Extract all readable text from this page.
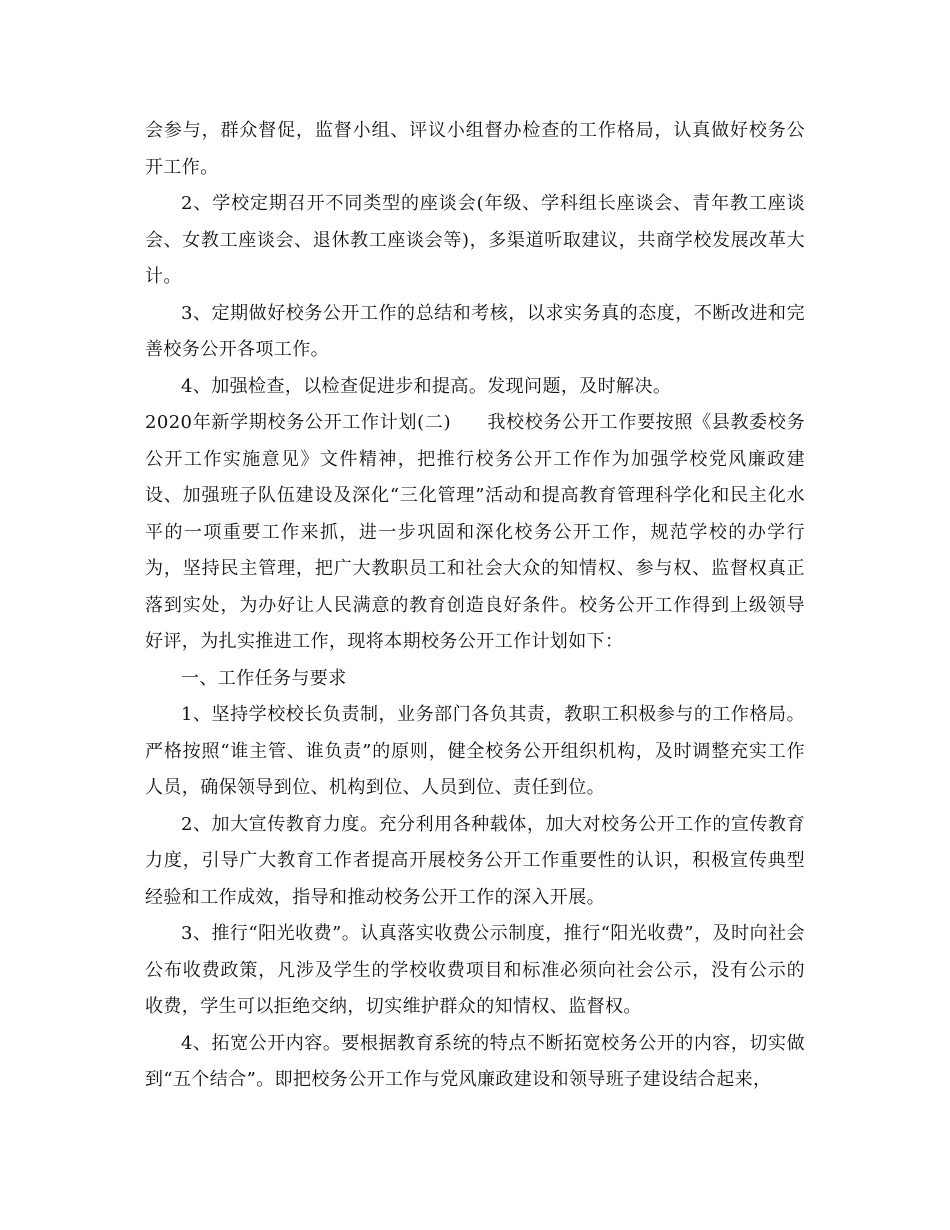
会参与，群众督促，监督小组、评议小组督办检查的工作格局，认真做好校务公开工作。

2、学校定期召开不同类型的座谈会(年级、学科组长座谈会、青年教工座谈会、女教工座谈会、退休教工座谈会等)，多渠道听取建议，共商学校发展改革大计。

3、定期做好校务公开工作的总结和考核，以求实务真的态度，不断改进和完善校务公开各项工作。

4、加强检查，以检查促进步和提高。发现问题，及时解决。

2020年新学期校务公开工作计划(二) 我校校务公开工作要按照《县教委校务公开工作实施意见》文件精神，把推行校务公开工作作为加强学校党风廉政建设、加强班子队伍建设及深化“三化管理”活动和提高教育管理科学化和民主化水平的一项重要工作来抓，进一步巩固和深化校务公开工作，规范学校的办学行为，坚持民主管理，把广大教职员工和社会大众的知情权、参与权、监督权真正落到实处，为办好让人民满意的教育创造良好条件。校务公开工作得到上级领导好评，为扎实推进工作，现将本期校务公开工作计划如下：

一、工作任务与要求

1、坚持学校校长负责制，业务部门各负其责，教职工积极参与的工作格局。严格按照“谁主管、谁负责”的原则，健全校务公开组织机构，及时调整充实工作人员，确保领导到位、机构到位、人员到位、责任到位。

2、加大宣传教育力度。充分利用各种载体，加大对校务公开工作的宣传教育力度，引导广大教育工作者提高开展校务公开工作重要性的认识，积极宣传典型经验和工作成效，指导和推动校务公开工作的深入开展。

3、推行“阳光收费”。认真落实收费公示制度，推行“阳光收费”，及时向社会公布收费政策，凡涉及学生的学校收费项目和标准必须向社会公示，没有公示的收费，学生可以拒绝交纳，切实维护群众的知情权、监督权。

4、拓宽公开内容。要根据教育系统的特点不断拓宽校务公开的内容，切实做到“五个结合”。即把校务公开工作与党风廉政建设和领导班子建设结合起来，
